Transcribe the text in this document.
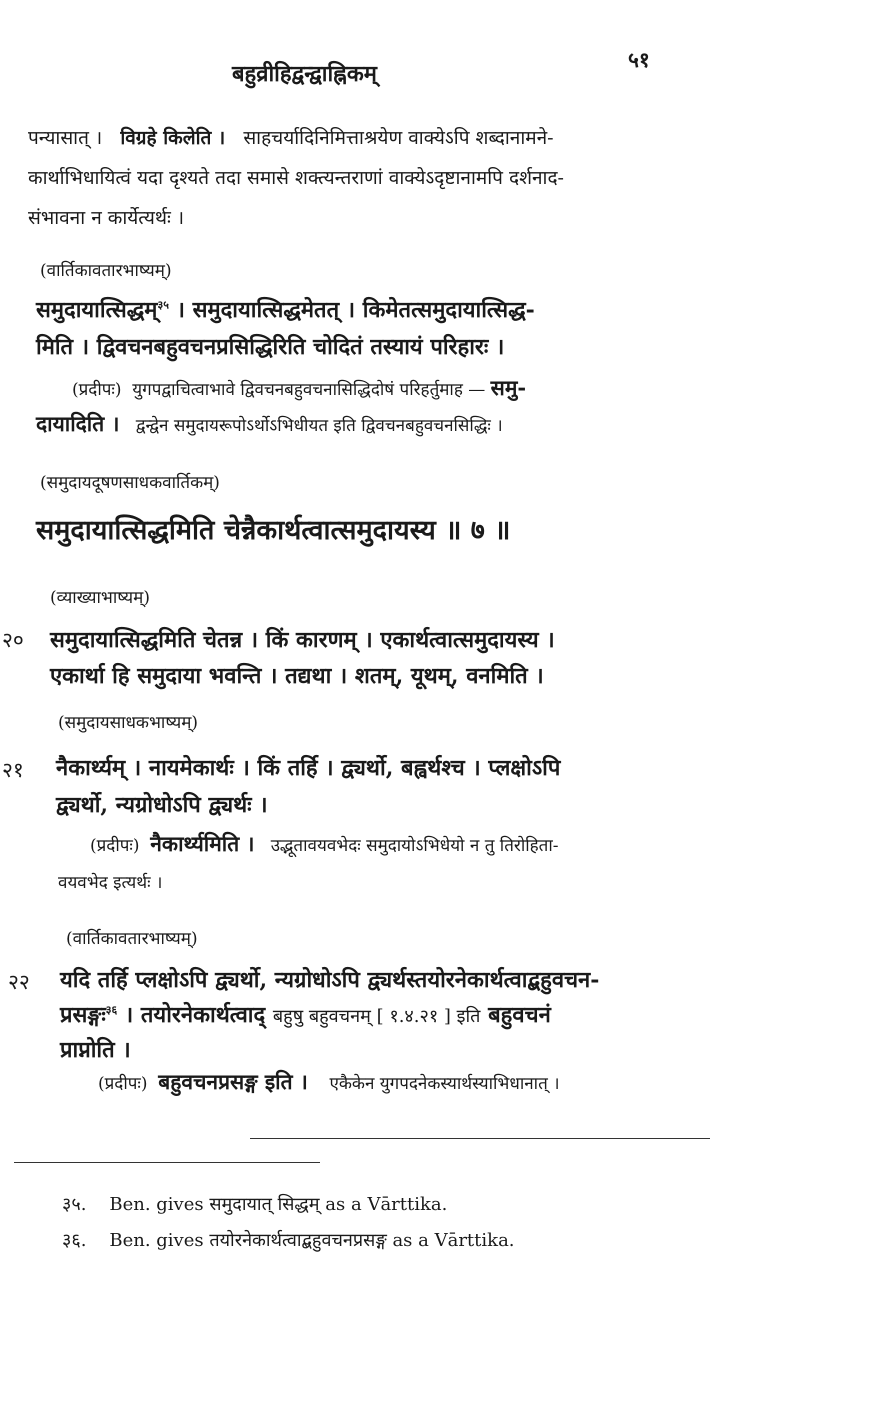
बहुव्रीहिद्वन्द्वाह्निकम्
५१
पन्यासात् । विग्रहे किलेति । साहचर्यादिनिमित्ताश्रयेण वाक्येऽपि शब्दानामने-
कार्थाभिधायित्वं यदा दृश्यते तदा समासे शक्त्यन्तराणां वाक्येऽदृष्टानामपि दर्शनाद-
संभावना न कार्येत्यर्थः ।
(वार्तिकावतारभाष्यम्)
समुदायात्सिद्धम्$^{३५}$ । समुदायात्सिद्धमेतत् । किमेतत्समुदायात्सिद्ध-
मिति । द्विवचनबहुवचनप्रसिद्धिरिति चोदितं तस्यायं परिहारः ।
(प्रदीपः) युगपद्वाचित्वाभावे द्विवचनबहुवचनासिद्धिदोषं परिहर्तुमाह — समु-
दायादिति । द्वन्द्वेन समुदायरूपोऽर्थोऽभिधीयत इति द्विवचनबहुवचनसिद्धिः ।
(समुदायदूषणसाधकवार्तिकम्)
समुदायात्सिद्धमिति चेन्नैकार्थत्वात्समुदायस्य ॥ ७ ॥
(व्याख्याभाष्यम्)
२० समुदायात्सिद्धमिति चेतन्न । किं कारणम् । एकार्थत्वात्समुदायस्य ।
एकार्था हि समुदाया भवन्ति । तद्यथा । शतम्, यूथम्, वनमिति ।
(समुदायसाधकभाष्यम्)
२१ नैकार्थ्यम् । नायमेकार्थः । किं तर्हि । द्व्यर्थो, बह्वर्थश्च । प्लक्षोऽपि
द्व्यर्थो, न्यग्रोधोऽपि द्व्यर्थः ।
(प्रदीपः) नैकार्थ्यमिति । उद्भूतावयवभेदः समुदायोऽभिधेयो न तु तिरोहिता-
वयवभेद इत्यर्थः ।
(वार्तिकावतारभाष्यम्)
२२ यदि तर्हि प्लक्षोऽपि द्व्यर्थो, न्यग्रोधोऽपि द्व्यर्थस्तयोरनेकार्थत्वाद्बहुवचन-
प्रसङ्गः$^{३६}$ । तयोरनेकार्थत्वाद् बहुषु बहुवचनम् [ १.४.२१ ] इति बहुवचनं
प्राप्नोति ।
(प्रदीपः) बहुवचनप्रसङ्ग इति । एकैकेन युगपदनेकस्यार्थस्याभिधानात् ।
३५. Ben. gives समुदायात् सिद्धम् as a Vārttika.
३६. Ben. gives तयोरनेकार्थत्वाद्बहुवचनप्रसङ्ग as a Vārttika.
